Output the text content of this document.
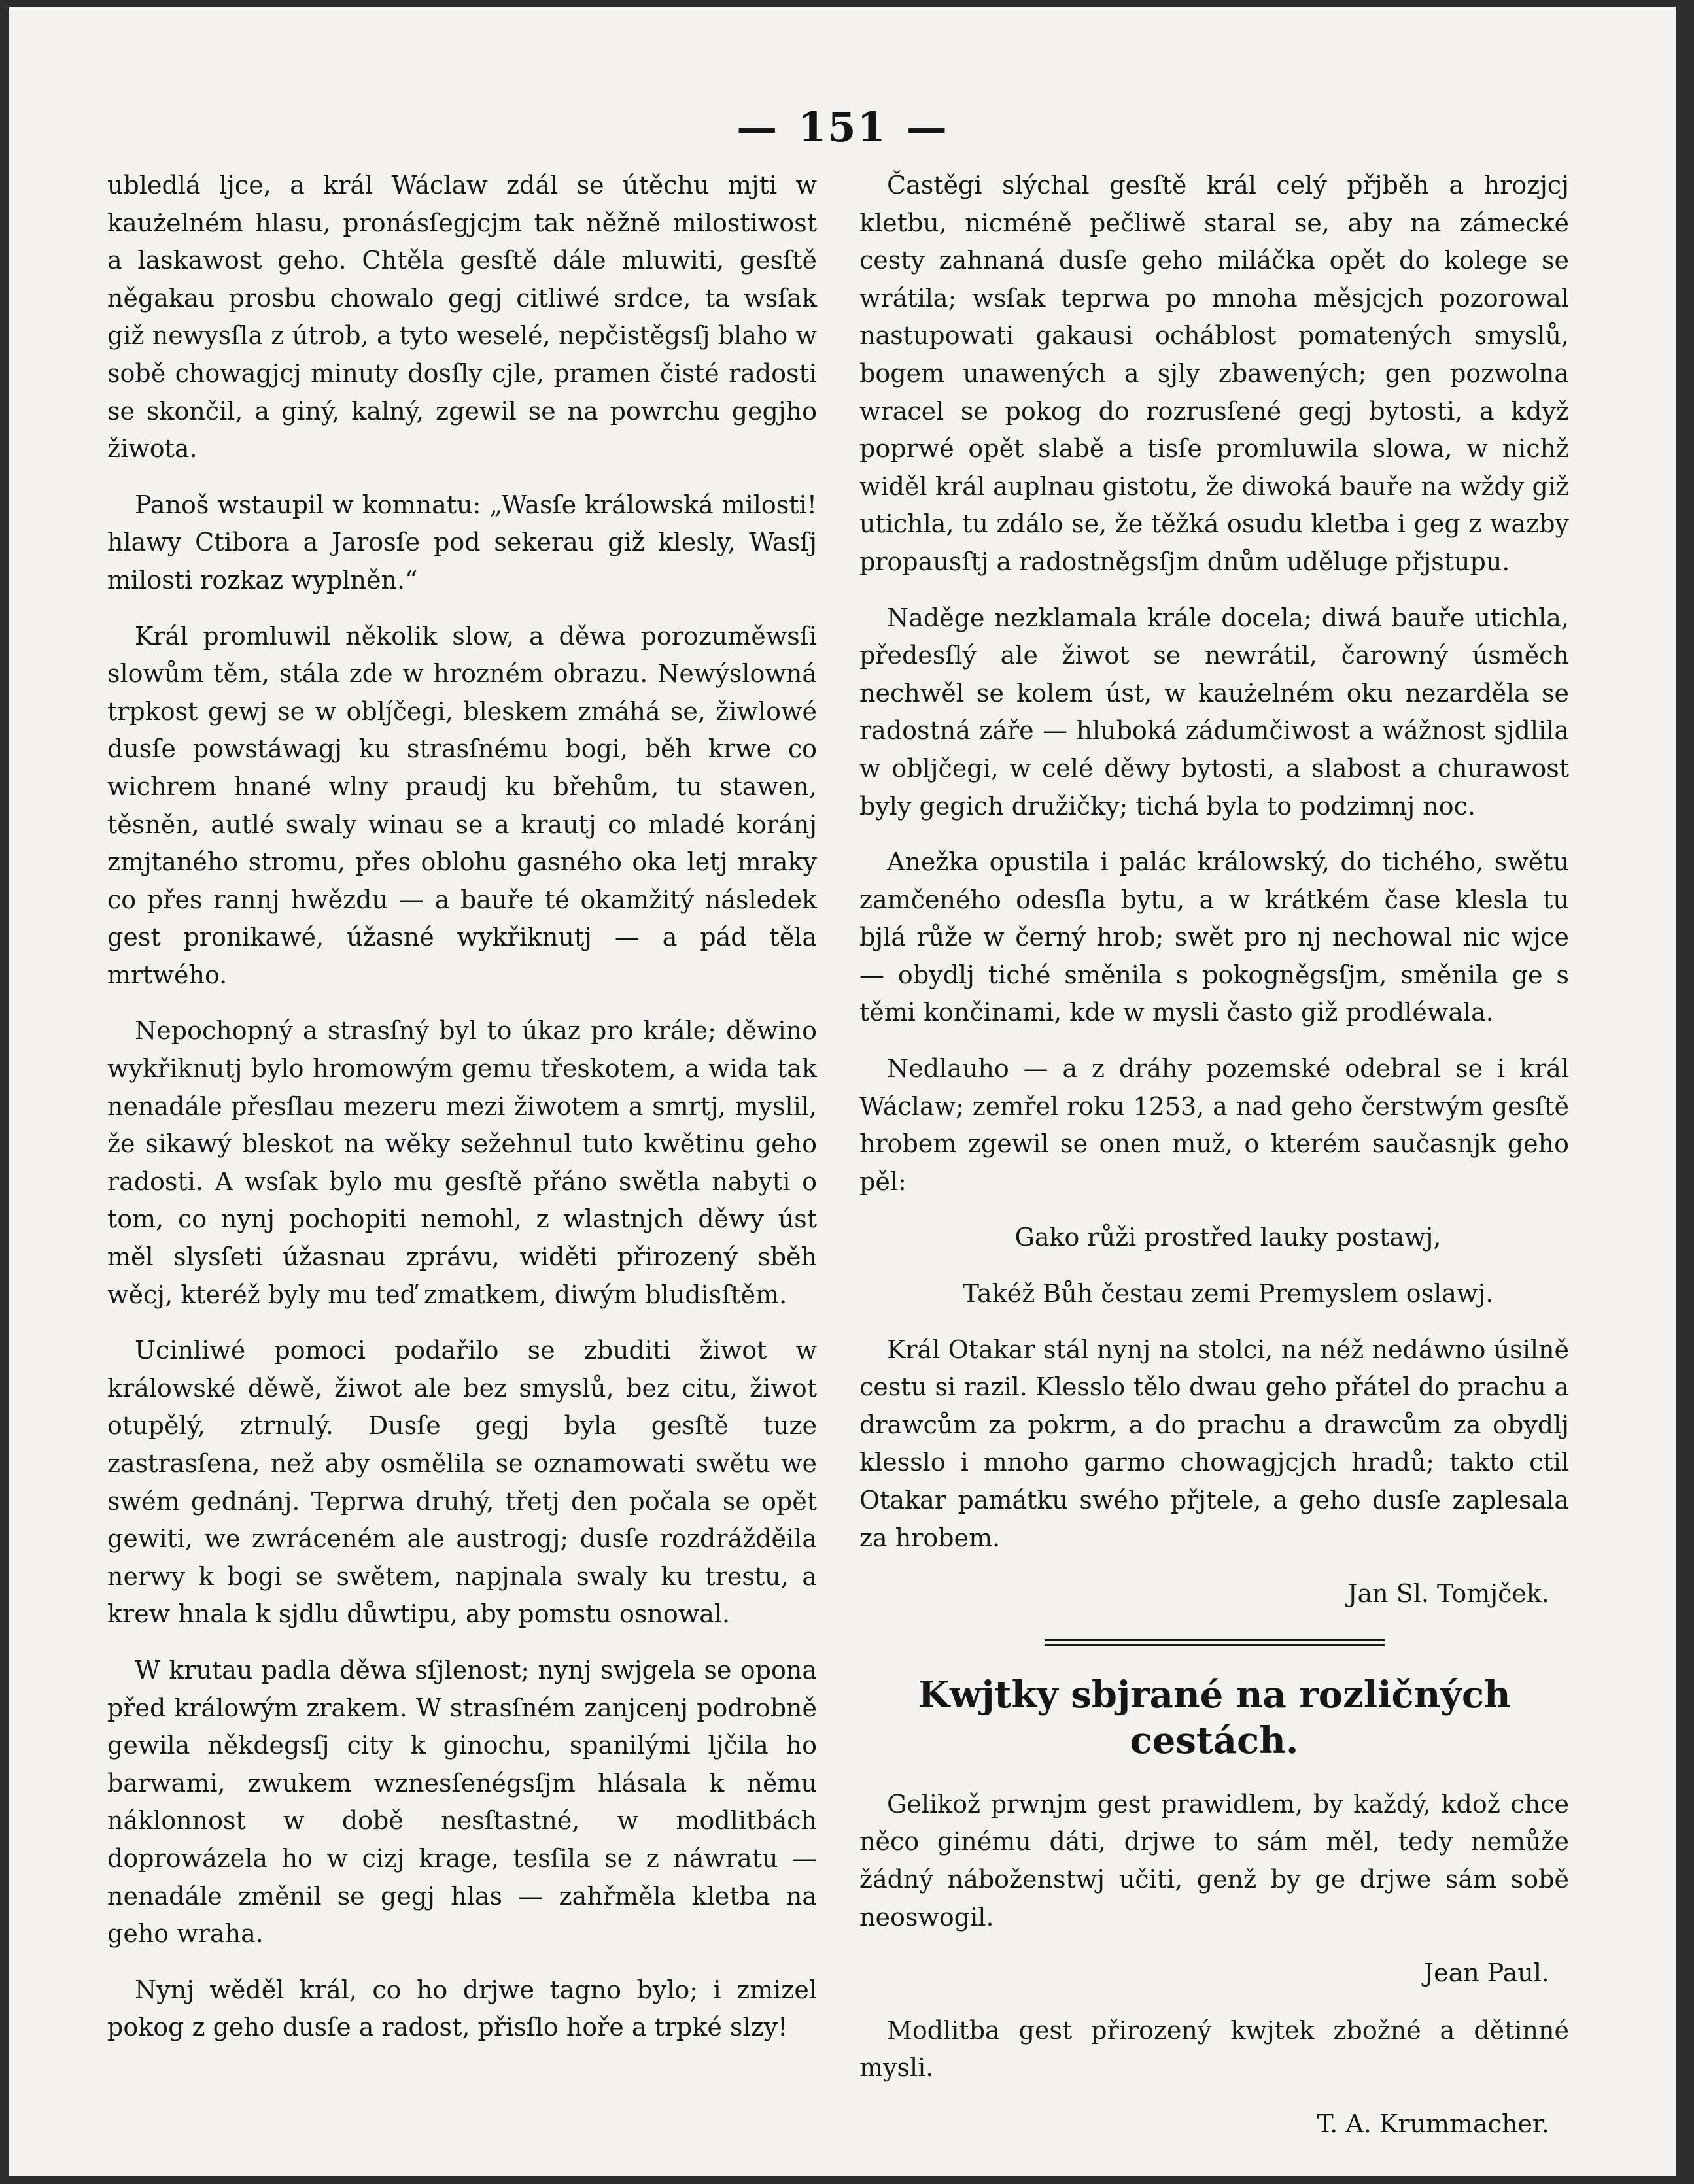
— 151 —

ubledlá ljce, a král Wáclaw zdál se útěchu mjti w kaużelném hlasu, pronásſegjcjm tak něžně milostiwost a laskawost geho. Chtěla gesſtě dále mluwiti, gesſtě něgakau prosbu chowalo gegj citliwé srdce, ta wsſak giž newysſla z útrob, a tyto weselé, nepčistěgsſj blaho w sobě chowagjcj minuty dosſly cjle, pramen čisté radosti se skončil, a giný, kalný, zgewil se na powrchu gegjho žiwota.

Panoš wstaupil w komnatu: „Wasſe králowská milosti! hlawy Ctibora a Jarosſe pod sekerau giž klesly, Wasſj milosti rozkaz wyplněn.“

Král promluwil několik slow, a děwa porozuměwsſi slowům těm, stála zde w hrozném obrazu. Newýslowná trpkost gewj se w oblj́čegi, bleskem zmáhá se, žiwlowé dusſe powstáwagj ku strasſnému bogi, běh krwe co wichrem hnané wlny praudj ku břehům, tu stawen, těsněn, autlé swaly winau se a krautj co mladé koránj zmjtaného stromu, přes oblohu gasného oka letj mraky co přes rannj hwězdu — a bauře té okamžitý následek gest pronikawé, úžasné wykřiknutj — a pád těla mrtwého.

Nepochopný a strasſný byl to úkaz pro krále; děwino wykřiknutj bylo hromowým gemu třeskotem, a wida tak nenadále přesſlau mezeru mezi žiwotem a smrtj, myslil, že sikawý bleskot na wěky sežehnul tuto kwětinu geho radosti. A wsſak bylo mu gesſtě přáno swětla nabyti o tom, co nynj pochopiti nemohl, z wlastnjch děwy úst měl slysſeti úžasnau zprávu, widěti přirozený sběh wěcj, kteréž byly mu teď zmatkem, diwým bludisſtěm.

Ucinliwé pomoci podařilo se zbuditi žiwot w králowské děwě, žiwot ale bez smyslů, bez citu, žiwot otupělý, ztrnulý. Dusſe gegj byla gesſtě tuze zastrasſena, než aby osmělila se oznamowati swětu we swém gednánj. Teprwa druhý, třetj den počala se opět gewiti, we zwráceném ale austrogj; dusſe rozdrážděila nerwy k bogi se swětem, napjnala swaly ku trestu, a krew hnala k sjdlu důwtipu, aby pomstu osnowal.

W krutau padla děwa sſjlenost; nynj swjgela se opona před králowým zrakem. W strasſném zanjcenj podrobně gewila někdegsſj city k ginochu, spanilými ljčila ho barwami, zwukem wznesſenégsſjm hlásala k němu náklonnost w době nesſtastné, w modlitbách doprowázela ho w cizj krage, tesſila se z náwratu — nenadále změnil se gegj hlas — zahřměla kletba na geho wraha.

Nynj wěděl král, co ho drjwe tagno bylo; i zmizel pokog z geho dusſe a radost, přisſlo hoře a trpké slzy!

Častěgi slýchal gesſtě král celý přjběh a hrozjcj kletbu, nicméně pečliwě staral se, aby na zámecké cesty zahnaná dusſe geho miláčka opět do kolege se wrátila; wsſak teprwa po mnoha měsjcjch pozorowal nastupowati gakausi ocháblost pomatených smyslů, bogem unawených a sjly zbawených; gen pozwolna wracel se pokog do rozrusſené gegj bytosti, a když poprwé opět slabě a tisſe promluwila slowa, w nichž widěl král auplnau gistotu, že diwoká bauře na wždy giž utichla, tu zdálo se, že těžká osudu kletba i geg z wazby propausſtj a radostněgsſjm dnům uděluge přjstupu.

Naděge nezklamala krále docela; diwá bauře utichla, předesſlý ale žiwot se newrátil, čarowný úsměch nechwěl se kolem úst, w kaużelném oku nezarděla se radostná záře — hluboká zádumčiwost a wážnost sjdlila w obljčegi, w celé děwy bytosti, a slabost a churawost byly gegich družičky; tichá byla to podzimnj noc.

Anežka opustila i palác králowský, do tichého, swětu zamčeného odesſla bytu, a w krátkém čase klesla tu bjlá růže w černý hrob; swět pro nj nechowal nic wjce — obydlj tiché směnila s pokogněgsſjm, směnila ge s těmi končinami, kde w mysli často giž prodléwala.

Nedlauho — a z dráhy pozemské odebral se i král Wáclaw; zemřel roku 1253, a nad geho čerstwým gesſtě hrobem zgewil se onen muž, o kterém saučasnjk geho pěl:

Gako růži prostřed lauky postawj,

Takéž Bůh čestau zemi Premyslem oslawj.

Král Otakar stál nynj na stolci, na néž nedáwno úsilně cestu si razil. Klesslo tělo dwau geho přátel do prachu a drawcům za pokrm, a do prachu a drawcům za obydlj klesslo i mnoho garmo chowagjcjch hradů; takto ctil Otakar památku swého přjtele, a geho dusſe zaplesala za hrobem.

Jan Sl. Tomjček.

Kwjtky sbjrané na rozličných cestách.

Gelikož prwnjm gest prawidlem, by každý, kdož chce něco ginému dáti, drjwe to sám měl, tedy nemůže žádný náboženstwj učiti, genž by ge drjwe sám sobě neoswogil.

Jean Paul.

Modlitba gest přirozený kwjtek zbožné a dětinné mysli.

T. A. Krummacher.
